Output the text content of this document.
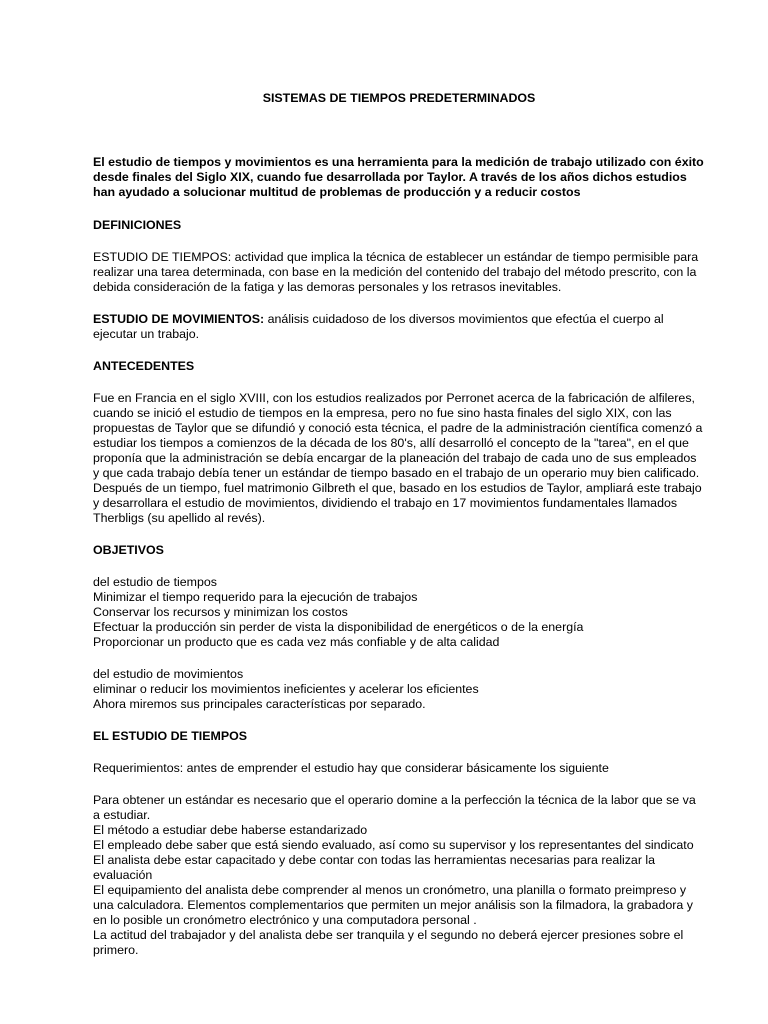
SISTEMAS DE TIEMPOS PREDETERMINADOS
El estudio de tiempos y movimientos es una herramienta para la medición de trabajo utilizado con éxito desde finales del Siglo XIX, cuando fue desarrollada por Taylor. A través de los años dichos estudios han ayudado a solucionar multitud de problemas de producción y a reducir costos
DEFINICIONES
ESTUDIO DE TIEMPOS: actividad que implica la técnica de establecer un estándar de tiempo permisible para realizar una tarea determinada, con base en la medición del contenido del trabajo del método prescrito, con la debida consideración de la fatiga y las demoras personales y los retrasos inevitables.
ESTUDIO DE MOVIMIENTOS: análisis cuidadoso de los diversos movimientos que efectúa el cuerpo al ejecutar un trabajo.
ANTECEDENTES
Fue en Francia en el siglo XVIII, con los estudios realizados por Perronet acerca de la fabricación de alfileres, cuando se inició el estudio de tiempos en la empresa, pero no fue sino hasta finales del siglo XIX, con las propuestas de Taylor que se difundió y conoció esta técnica, el padre de la administración científica comenzó a estudiar los tiempos a comienzos de la década de los 80's, allí desarrolló el concepto de la "tarea", en el que proponía que la administración se debía encargar de la planeación del trabajo de cada uno de sus empleados y que cada trabajo debía tener un estándar de tiempo basado en el trabajo de un operario muy bien calificado. Después de un tiempo, fuel matrimonio Gilbreth el que, basado en los estudios de Taylor, ampliará este trabajo y desarrollara el estudio de movimientos, dividiendo el trabajo en 17 movimientos fundamentales llamados Therbligs (su apellido al revés).
OBJETIVOS
del estudio de tiempos
Minimizar el tiempo requerido para la ejecución de trabajos
Conservar los recursos y minimizan los costos
Efectuar la producción sin perder de vista la disponibilidad de energéticos o de la energía
Proporcionar un producto que es cada vez más confiable y de alta calidad
del estudio de movimientos
eliminar o reducir los movimientos ineficientes y acelerar los eficientes
Ahora miremos sus principales características por separado.
EL ESTUDIO DE TIEMPOS
Requerimientos: antes de emprender el estudio hay que considerar básicamente los siguiente
Para obtener un estándar es necesario que el operario domine a la perfección la técnica de la labor que se va a estudiar.
El método a estudiar debe haberse estandarizado
El empleado debe saber que está siendo evaluado, así como su supervisor y los representantes del sindicato
El analista debe estar capacitado y debe contar con todas las herramientas necesarias para realizar la evaluación
El equipamiento del analista debe comprender al menos un cronómetro, una planilla o formato preimpreso y una calculadora. Elementos complementarios que permiten un mejor análisis son la filmadora, la grabadora y en lo posible un cronómetro electrónico y una computadora personal .
La actitud del trabajador y del analista debe ser tranquila y el segundo no deberá ejercer presiones sobre el primero.
